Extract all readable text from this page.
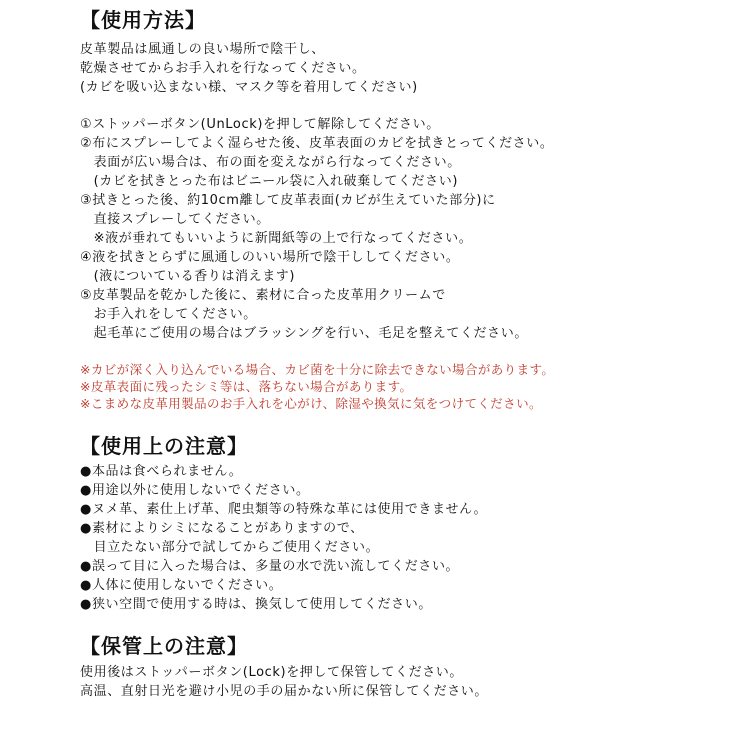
【使用方法】
皮革製品は風通しの良い場所で陰干し、
乾燥させてからお手入れを行なってください。
(カビを吸い込まない様、マスク等を着用してください)
①ストッパーボタン(UnLock)を押して解除してください。
②布にスプレーしてよく湿らせた後、皮革表面のカビを拭きとってください。
　表面が広い場合は、布の面を変えながら行なってください。
　(カビを拭きとった布はビニール袋に入れ破棄してください)
③拭きとった後、約10cm離して皮革表面(カビが生えていた部分)に
　直接スプレーしてください。
　※液が垂れてもいいように新聞紙等の上で行なってください。
④液を拭きとらずに風通しのいい場所で陰干ししてください。
　(液についている香りは消えます)
⑤皮革製品を乾かした後に、素材に合った皮革用クリームで
　お手入れをしてください。
　起毛革にご使用の場合はブラッシングを行い、毛足を整えてください。
※カビが深く入り込んでいる場合、カビ菌を十分に除去できない場合があります。
※皮革表面に残ったシミ等は、落ちない場合があります。
※こまめな皮革用製品のお手入れを心がけ、除湿や換気に気をつけてください。
【使用上の注意】
●本品は食べられません。
●用途以外に使用しないでください。
●ヌメ革、素仕上げ革、爬虫類等の特殊な革には使用できません。
●素材によりシミになることがありますので、
　目立たない部分で試してからご使用ください。
●誤って目に入った場合は、多量の水で洗い流してください。
●人体に使用しないでください。
●狭い空間で使用する時は、換気して使用してください。
【保管上の注意】
使用後はストッパーボタン(Lock)を押して保管してください。
高温、直射日光を避け小児の手の届かない所に保管してください。
